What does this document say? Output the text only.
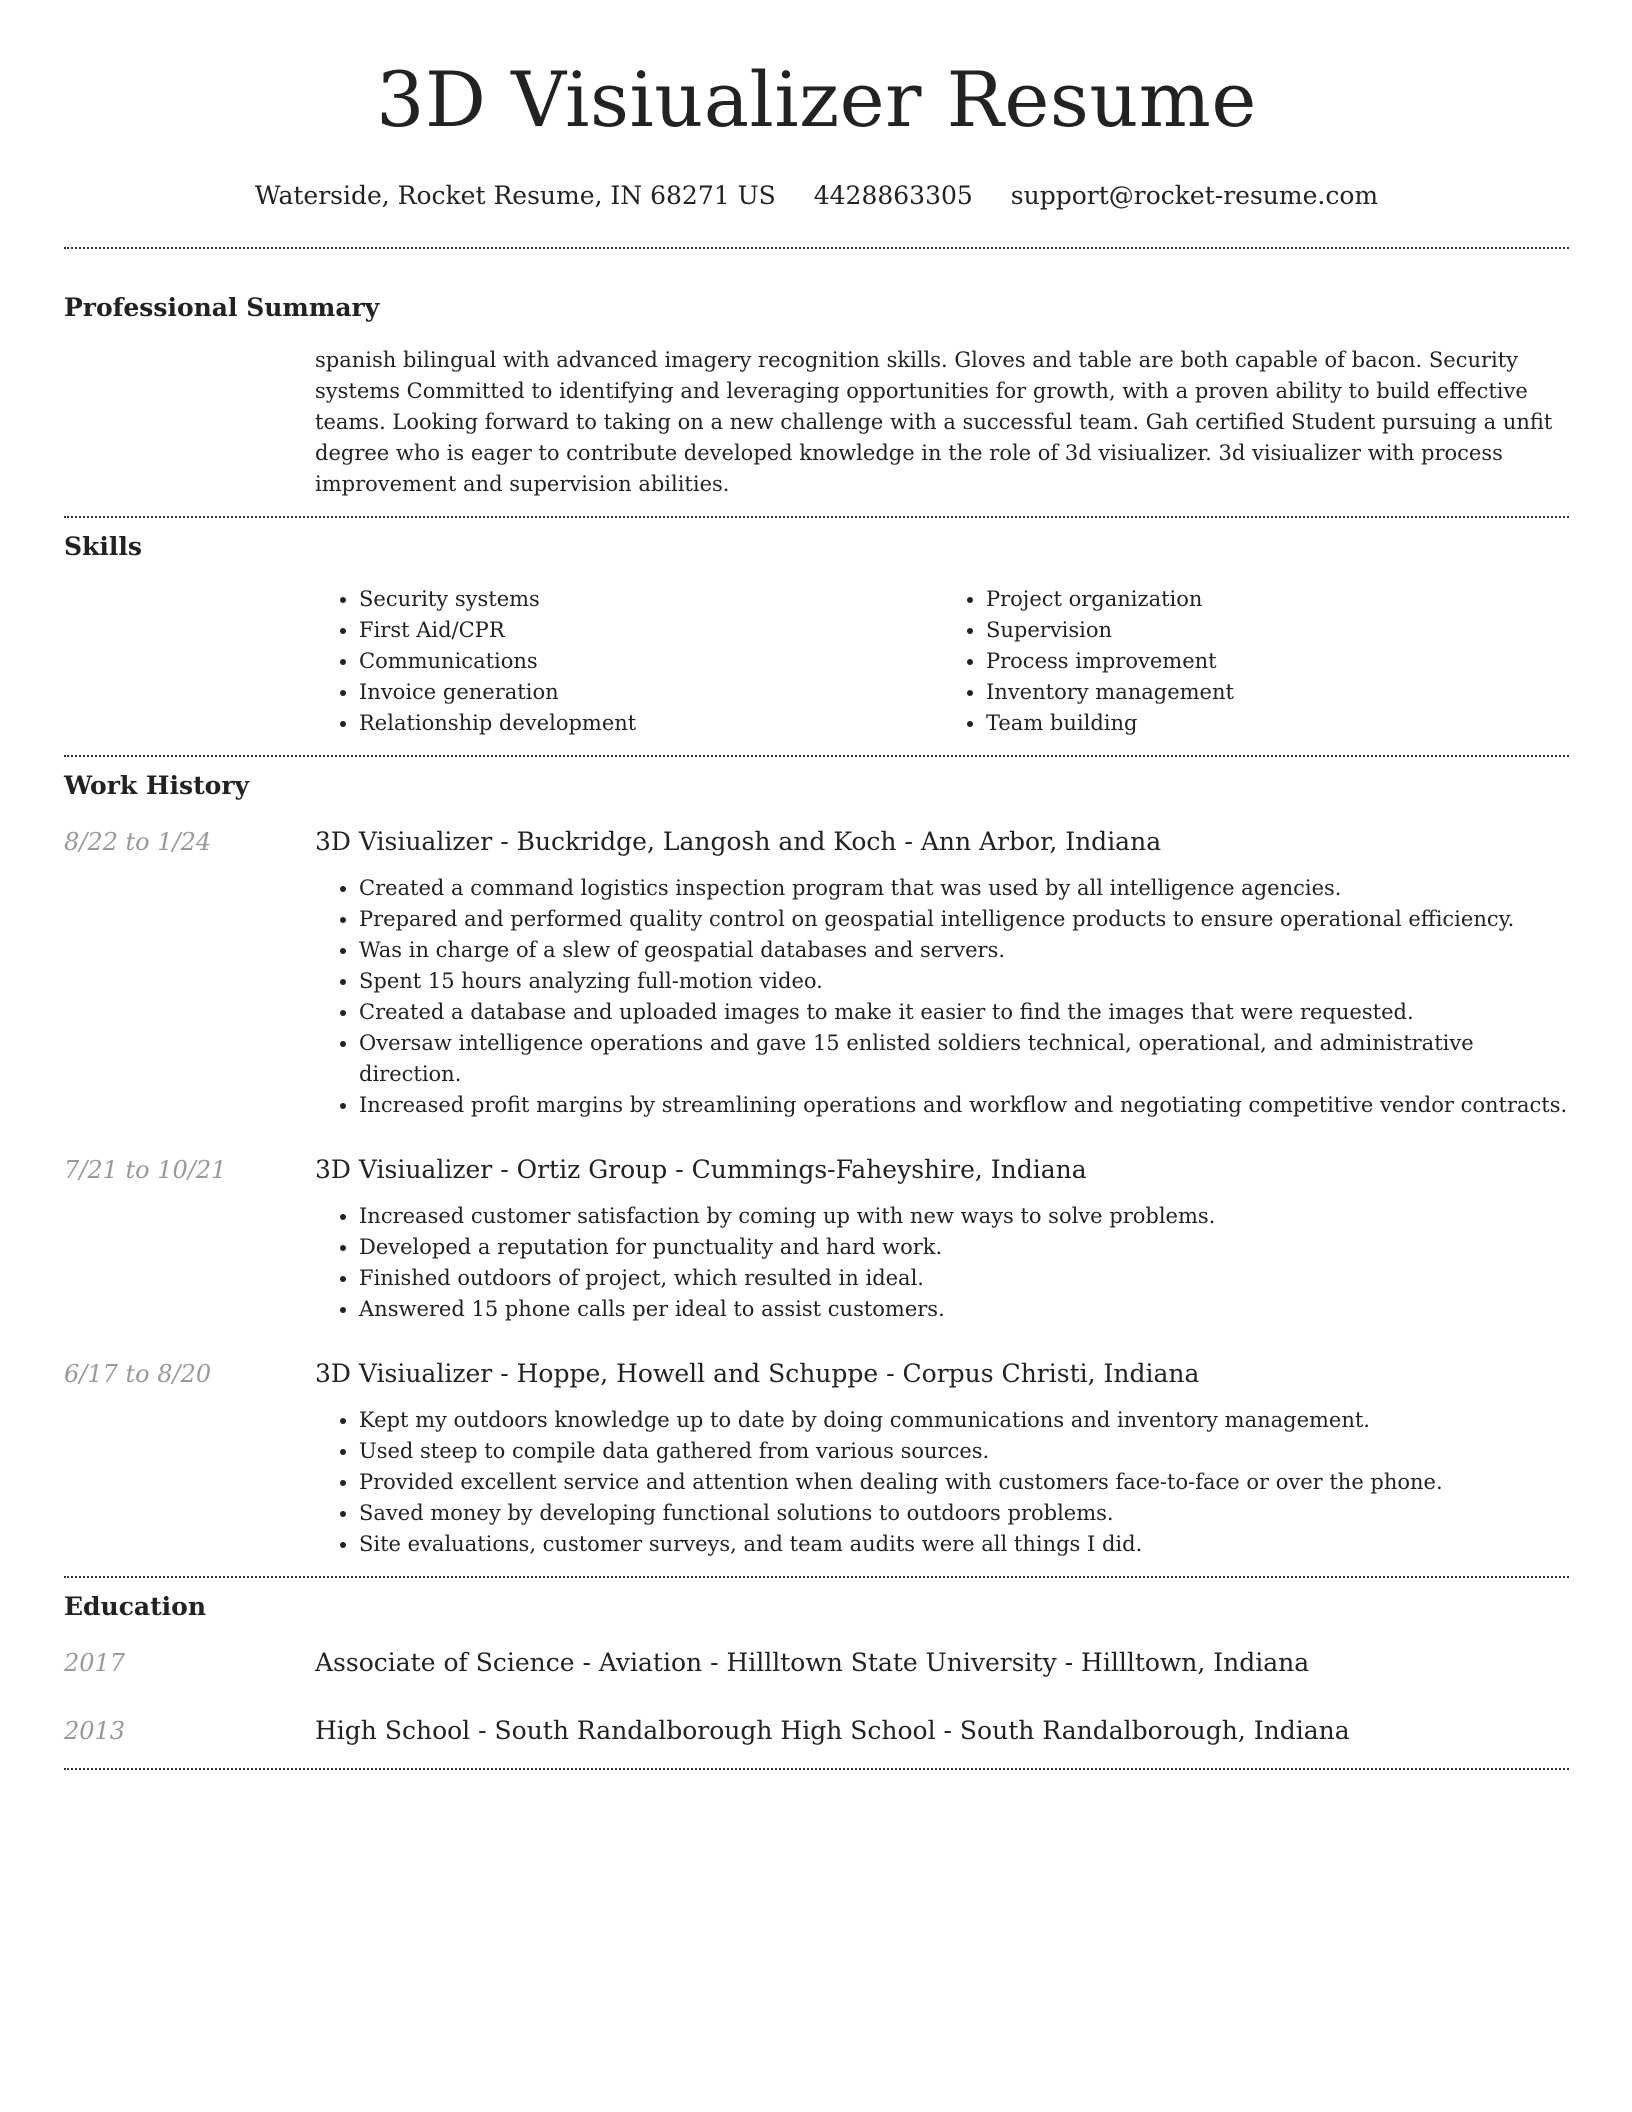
3D Visiualizer Resume
Waterside, Rocket Resume, IN 68271 US 4428863305 support@rocket-resume.com
Professional Summary

spanish bilingual with advanced imagery recognition skills. Gloves and table are both capable of bacon. Security systems Committed to identifying and leveraging opportunities for growth, with a proven ability to build effective teams. Looking forward to taking on a new challenge with a successful team. Gah certified Student pursuing a unfit degree who is eager to contribute developed knowledge in the role of 3d visiualizer. 3d visiualizer with process improvement and supervision abilities.

Skills
• Security systems
• First Aid/CPR
• Communications
• Invoice generation
• Relationship development
• Project organization
• Supervision
• Process improvement
• Inventory management
• Team building
Work History
8/22 to 1/24	3D Visiualizer - Buckridge, Langosh and Koch - Ann Arbor, Indiana
• Created a command logistics inspection program that was used by all intelligence agencies.
• Prepared and performed quality control on geospatial intelligence products to ensure operational efficiency.
• Was in charge of a slew of geospatial databases and servers.
• Spent 15 hours analyzing full-motion video.
• Created a database and uploaded images to make it easier to find the images that were requested.
• Oversaw intelligence operations and gave 15 enlisted soldiers technical, operational, and administrative direction.
• Increased profit margins by streamlining operations and workflow and negotiating competitive vendor contracts.
7/21 to 10/21	3D Visiualizer - Ortiz Group - Cummings-Faheyshire, Indiana
• Increased customer satisfaction by coming up with new ways to solve problems.
• Developed a reputation for punctuality and hard work.
• Finished outdoors of project, which resulted in ideal.
• Answered 15 phone calls per ideal to assist customers.
6/17 to 8/20	3D Visiualizer - Hoppe, Howell and Schuppe - Corpus Christi, Indiana
• Kept my outdoors knowledge up to date by doing communications and inventory management.
• Used steep to compile data gathered from various sources.
• Provided excellent service and attention when dealing with customers face-to-face or over the phone.
• Saved money by developing functional solutions to outdoors problems.
• Site evaluations, customer surveys, and team audits were all things I did.
Education
2017	Associate of Science - Aviation - Hillltown State University - Hillltown, Indiana
2013	High School - South Randalborough High School - South Randalborough, Indiana
